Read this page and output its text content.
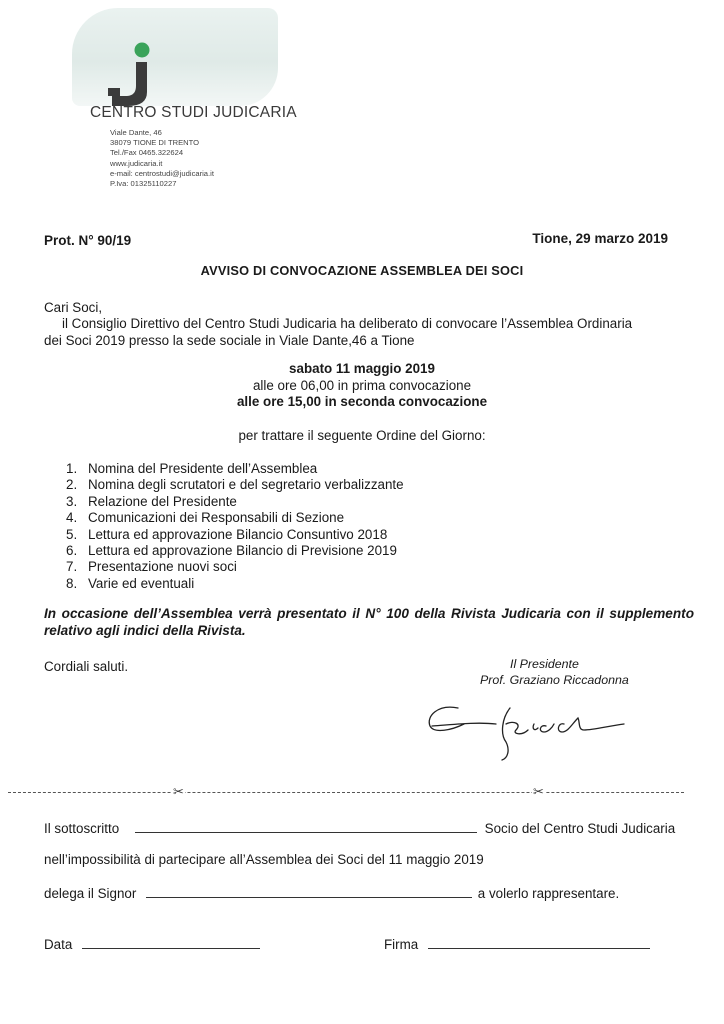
CENTRO STUDI JUDICARIA
Viale Dante, 46
38079 TIONE DI TRENTO
Tel./Fax 0465.322624
www.judicaria.it
e-mail: centrostudi@judicaria.it
P.Iva: 01325110227
Prot. N° 90/19	Tione, 29 marzo 2019
AVVISO DI CONVOCAZIONE ASSEMBLEA DEI SOCI
Cari Soci,
il Consiglio Direttivo del Centro Studi Judicaria ha deliberato di convocare l’Assemblea Ordinaria
dei Soci 2019 presso la sede sociale in Viale Dante,46 a Tione
sabato 11 maggio 2019
alle ore 06,00 in prima convocazione
alle ore 15,00 in seconda convocazione
per trattare il seguente Ordine del Giorno:
1. Nomina del Presidente dell’Assemblea
2. Nomina degli scrutatori e del segretario verbalizzante
3. Relazione del Presidente
4. Comunicazioni dei Responsabili di Sezione
5. Lettura ed approvazione Bilancio Consuntivo 2018
6. Lettura ed approvazione Bilancio di Previsione 2019
7. Presentazione nuovi soci
8. Varie ed eventuali
In occasione dell’Assemblea verrà presentato il N° 100 della Rivista Judicaria con il supplemento relativo agli indici della Rivista.
Cordiali saluti.	Il Presidente
Prof. Graziano Riccadonna
✂	✂
Il sottoscritto	Socio del Centro Studi Judicaria
nell’impossibilità di partecipare all’Assemblea dei Soci del 11 maggio 2019
delega il Signor	a volerlo rappresentare.
Data	Firma
